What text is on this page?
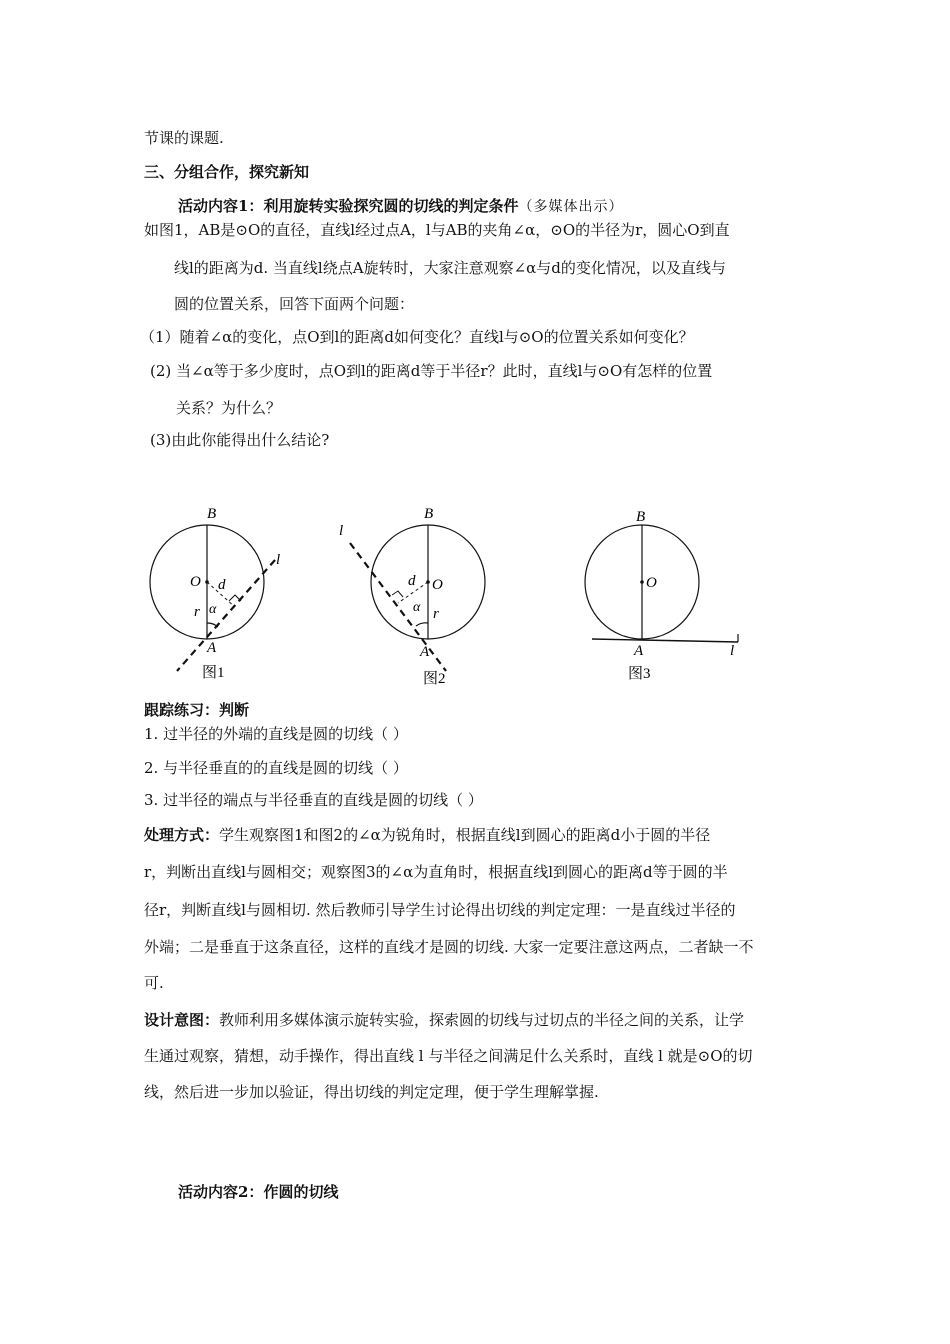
节课的课题.
三、分组合作，探究新知
活动内容1：利用旋转实验探究圆的切线的判定条件（多媒体出示）
如图1，AB是⊙O的直径，直线l经过点A，l与AB的夹角∠α，⊙O的半径为r，圆心O到直
线l的距离为d. 当直线l绕点A旋转时，大家注意观察∠α与d的变化情况，以及直线与
圆的位置关系，回答下面两个问题：
（1）随着∠α的变化，点O到l的距离d如何变化？直线l与⊙O的位置关系如何变化？
(2) 当∠α等于多少度时，点O到l的距离d等于半径r？此时，直线l与⊙O有怎样的位置
关系？为什么？
(3)由此你能得出什么结论?
B
O d
α
r
A
l
图1
B
O
d
α r
A
l
图2
B
O
A	l
图3
跟踪练习：判断
1. 过半径的外端的直线是圆的切线（ ）
2. 与半径垂直的的直线是圆的切线（ ）
3. 过半径的端点与半径垂直的直线是圆的切线（ ）
处理方式：学生观察图1和图2的∠α为锐角时，根据直线l到圆心的距离d小于圆的半径
r，判断出直线l与圆相交；观察图3的∠α为直角时，根据直线l到圆心的距离d等于圆的半
径r，判断直线l与圆相切. 然后教师引导学生讨论得出切线的判定定理：一是直线过半径的
外端；二是垂直于这条直径，这样的直线才是圆的切线. 大家一定要注意这两点，二者缺一不
可.
设计意图：教师利用多媒体演示旋转实验，探索圆的切线与过切点的半径之间的关系，让学
生通过观察，猜想，动手操作，得出直线 l 与半径之间满足什么关系时，直线 l 就是⊙O的切
线，然后进一步加以验证，得出切线的判定定理，便于学生理解掌握.
活动内容2：作圆的切线
